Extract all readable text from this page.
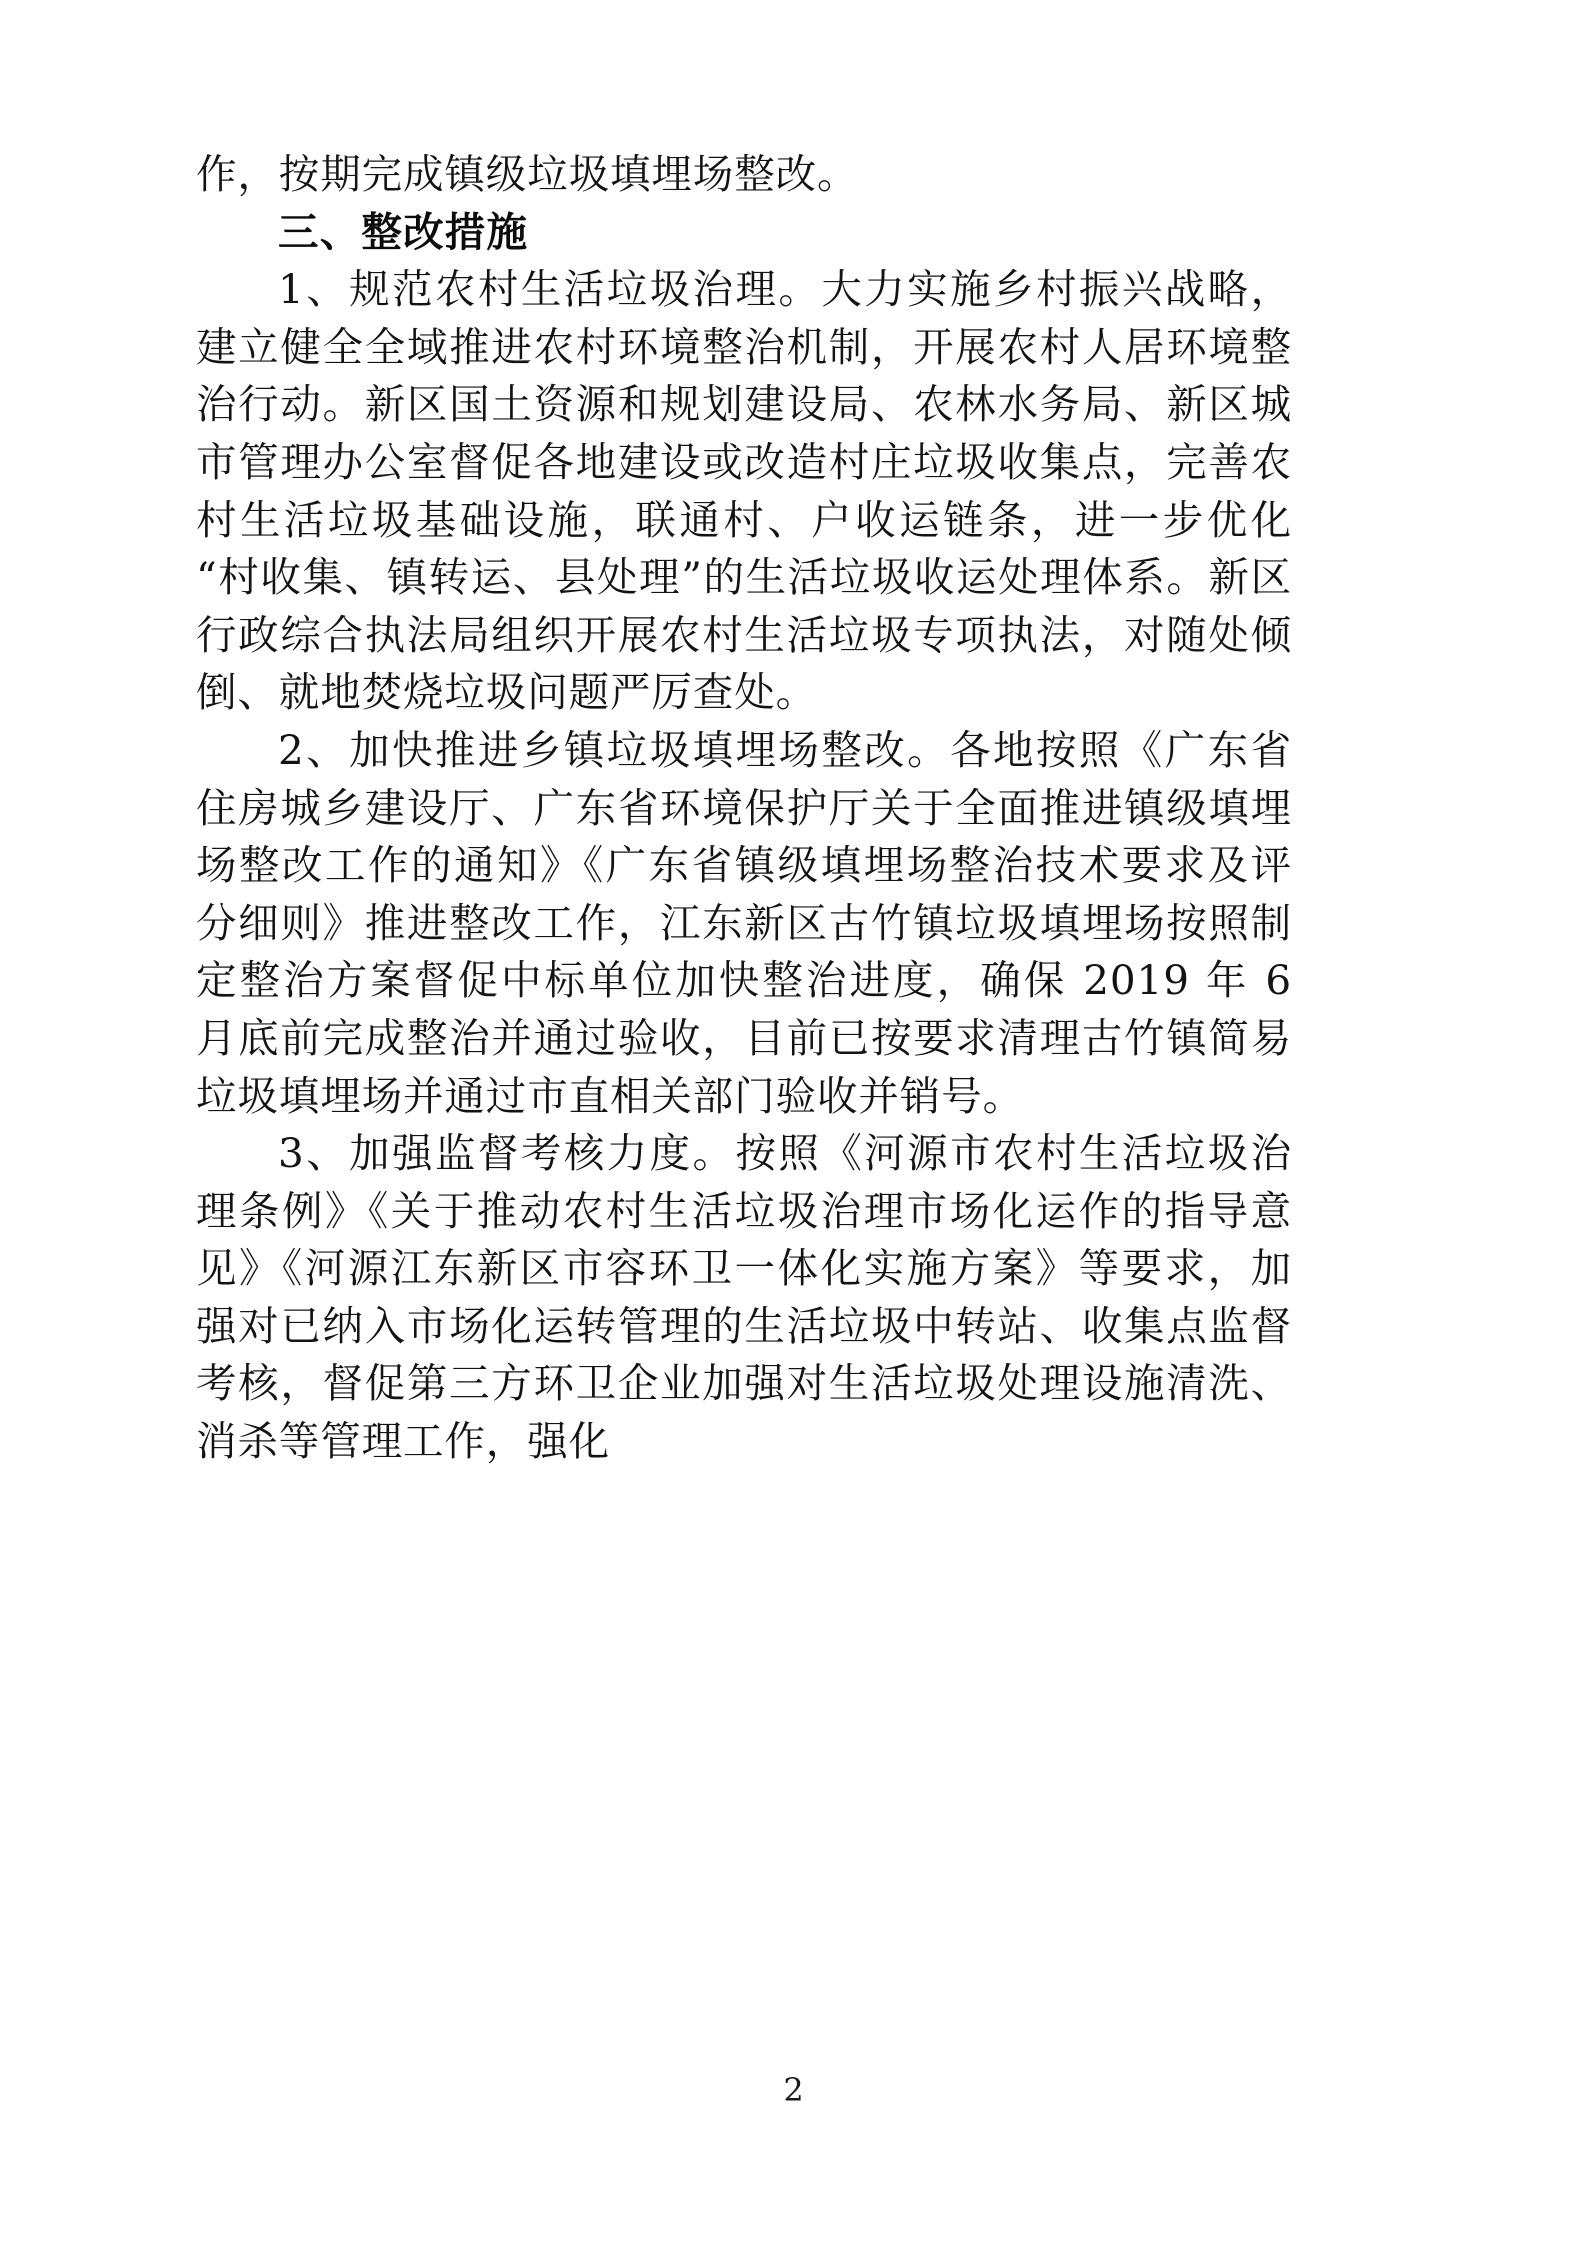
作，按期完成镇级垃圾填埋场整改。

三、整改措施

1、规范农村生活垃圾治理。大力实施乡村振兴战略，建立健全全域推进农村环境整治机制，开展农村人居环境整治行动。新区国土资源和规划建设局、农林水务局、新区城市管理办公室督促各地建设或改造村庄垃圾收集点，完善农村生活垃圾基础设施，联通村、户收运链条，进一步优化“村收集、镇转运、县处理”的生活垃圾收运处理体系。新区行政综合执法局组织开展农村生活垃圾专项执法，对随处倾倒、就地焚烧垃圾问题严厉查处。

2、加快推进乡镇垃圾填埋场整改。各地按照《广东省住房城乡建设厅、广东省环境保护厅关于全面推进镇级填埋场整改工作的通知》《广东省镇级填埋场整治技术要求及评分细则》推进整改工作，江东新区古竹镇垃圾填埋场按照制定整治方案督促中标单位加快整治进度，确保 2019 年 6 月底前完成整治并通过验收，目前已按要求清理古竹镇简易垃圾填埋场并通过市直相关部门验收并销号。

3、加强监督考核力度。按照《河源市农村生活垃圾治理条例》《关于推动农村生活垃圾治理市场化运作的指导意见》《河源江东新区市容环卫一体化实施方案》等要求，加强对已纳入市场化运转管理的生活垃圾中转站、收集点监督考核，督促第三方环卫企业加强对生活垃圾处理设施清洗、消杀等管理工作，强化

2
